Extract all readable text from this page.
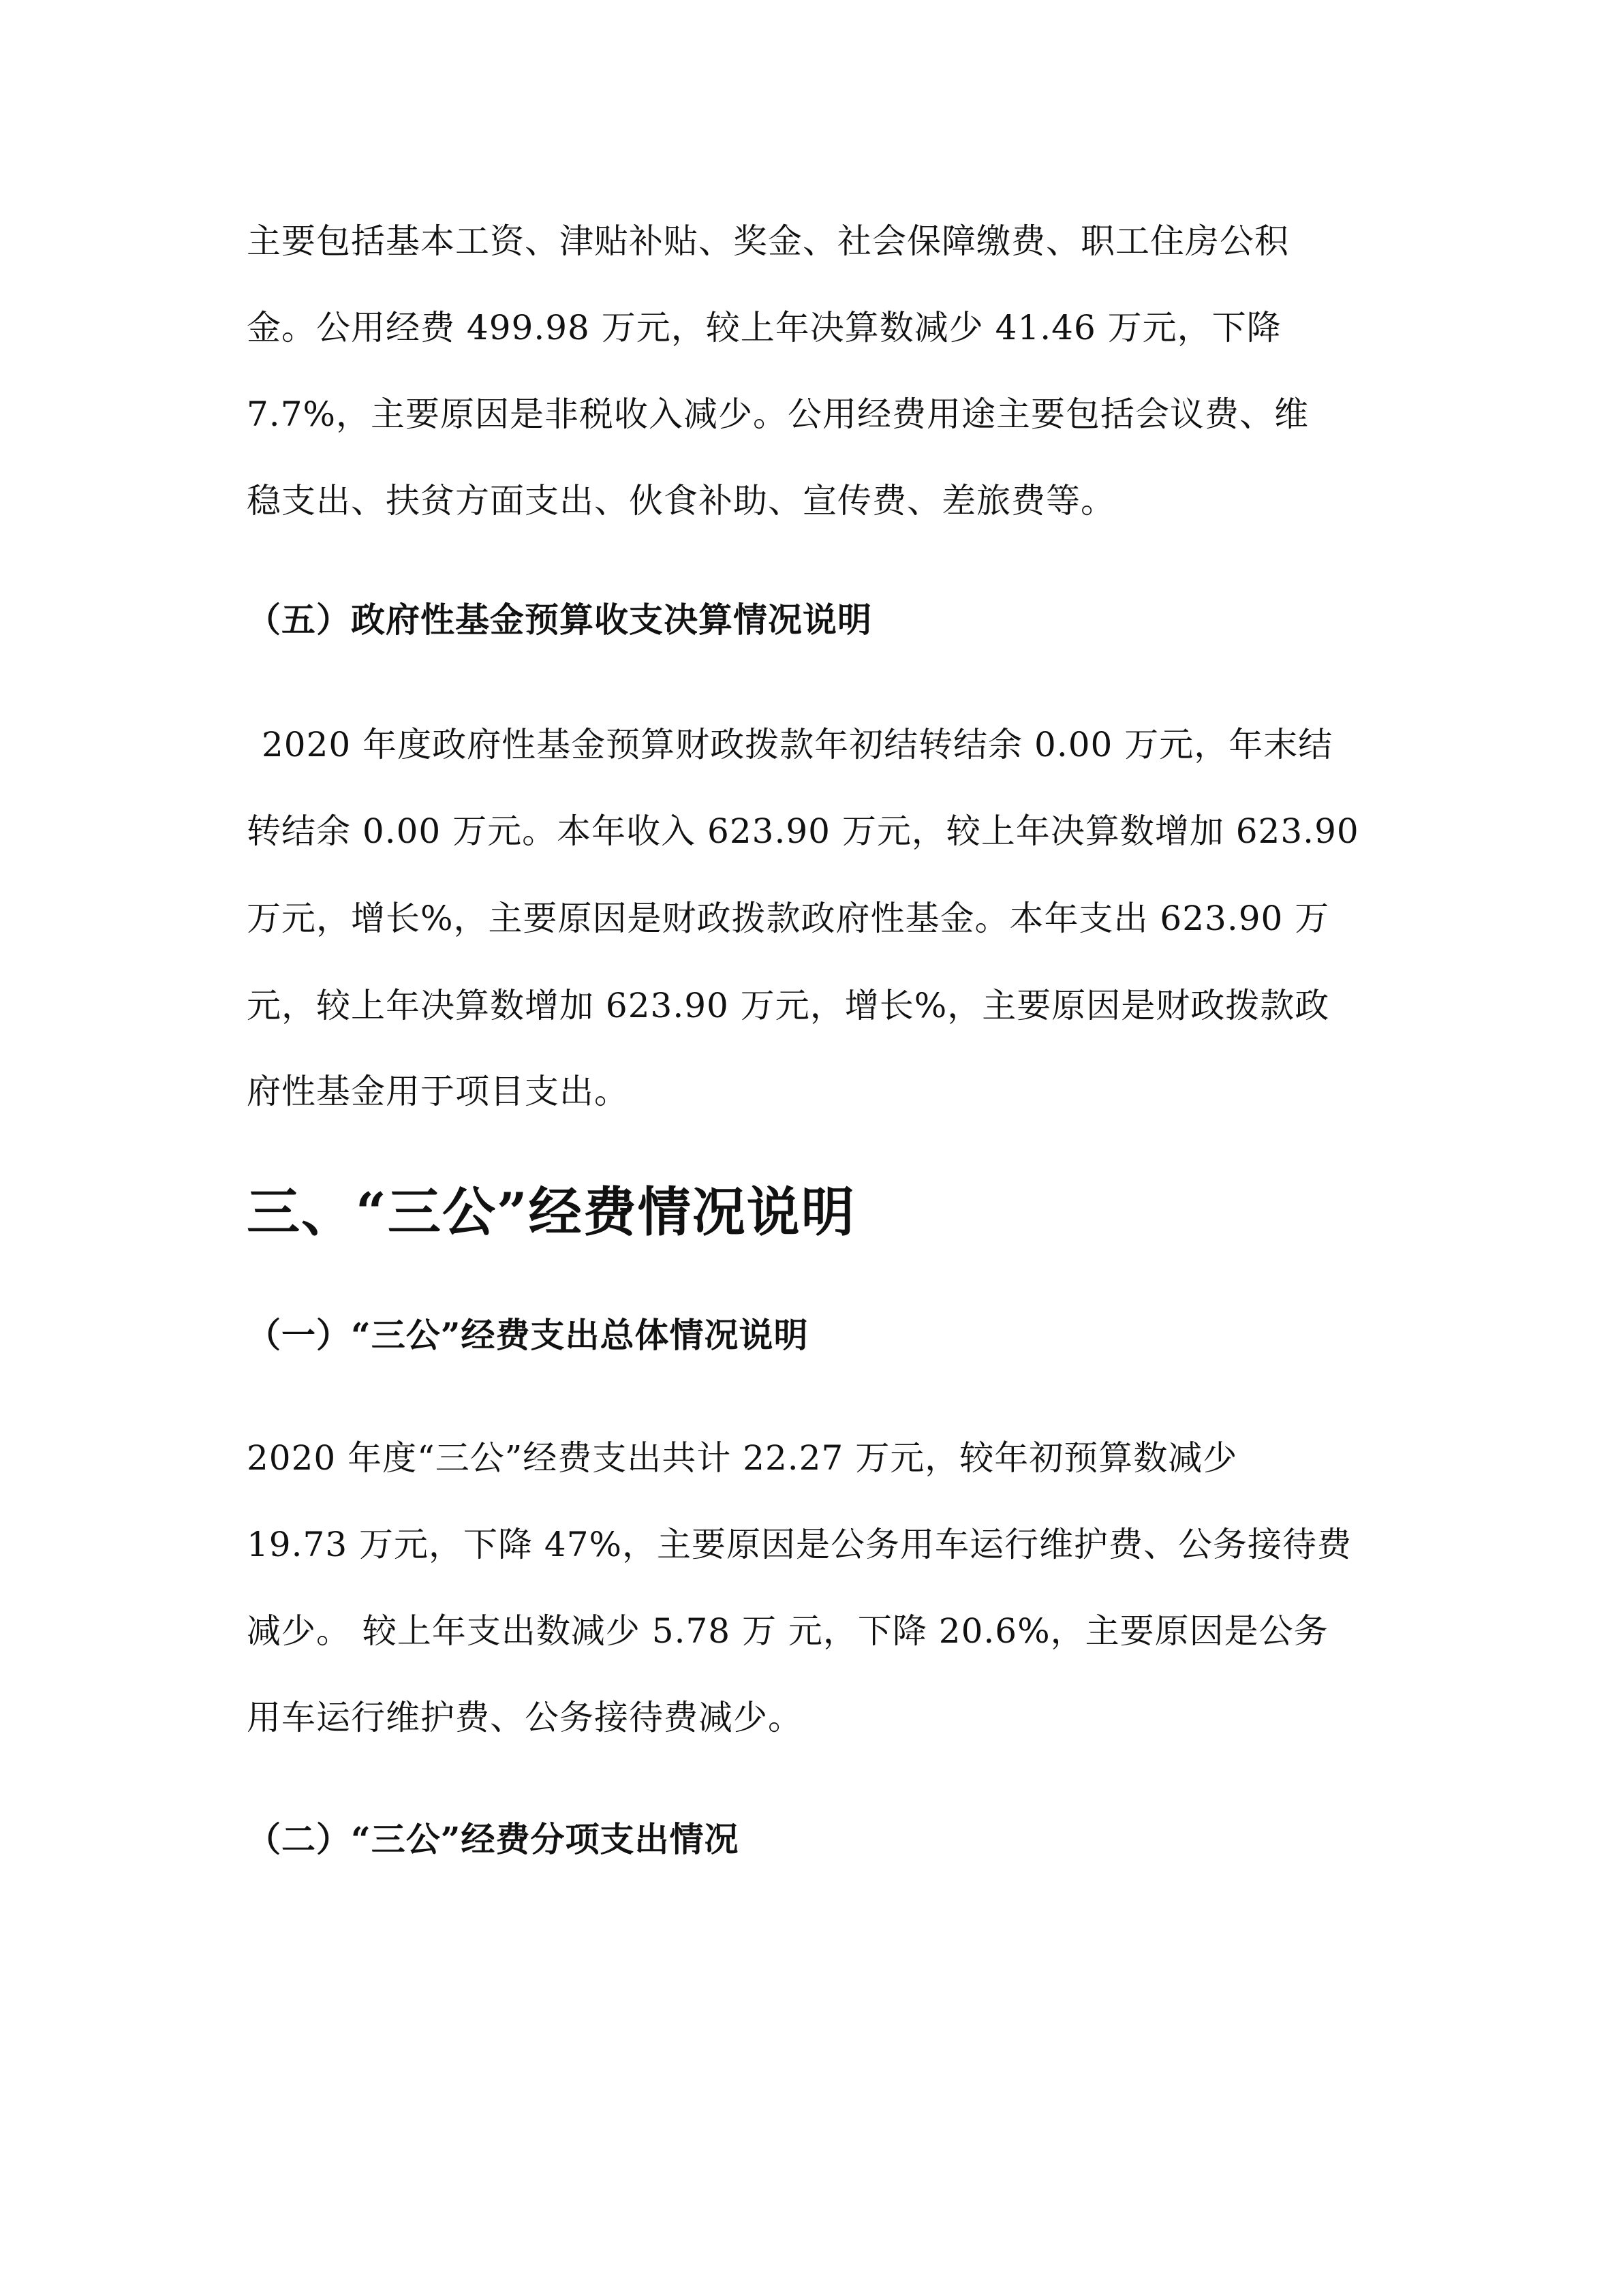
主要包括基本工资、津贴补贴、奖金、社会保障缴费、职工住房公积
金。公用经费 499.98 万元，较上年决算数减少 41.46 万元，下降
7.7%，主要原因是非税收入减少。公用经费用途主要包括会议费、维
稳支出、扶贫方面支出、伙食补助、宣传费、差旅费等。
（五）政府性基金预算收支决算情况说明
2020 年度政府性基金预算财政拨款年初结转结余 0.00 万元，年末结
转结余 0.00 万元。本年收入 623.90 万元，较上年决算数增加 623.90
万元，增长%，主要原因是财政拨款政府性基金。本年支出 623.90 万
元，较上年决算数增加 623.90 万元，增长%，主要原因是财政拨款政
府性基金用于项目支出。
三、“三公”经费情况说明
（一）“三公”经费支出总体情况说明
2020 年度“三公”经费支出共计 22.27 万元，较年初预算数减少
19.73 万元，下降 47%，主要原因是公务用车运行维护费、公务接待费
减少。 较上年支出数减少 5.78 万 元，下降 20.6%，主要原因是公务
用车运行维护费、公务接待费减少。
（二）“三公”经费分项支出情况
